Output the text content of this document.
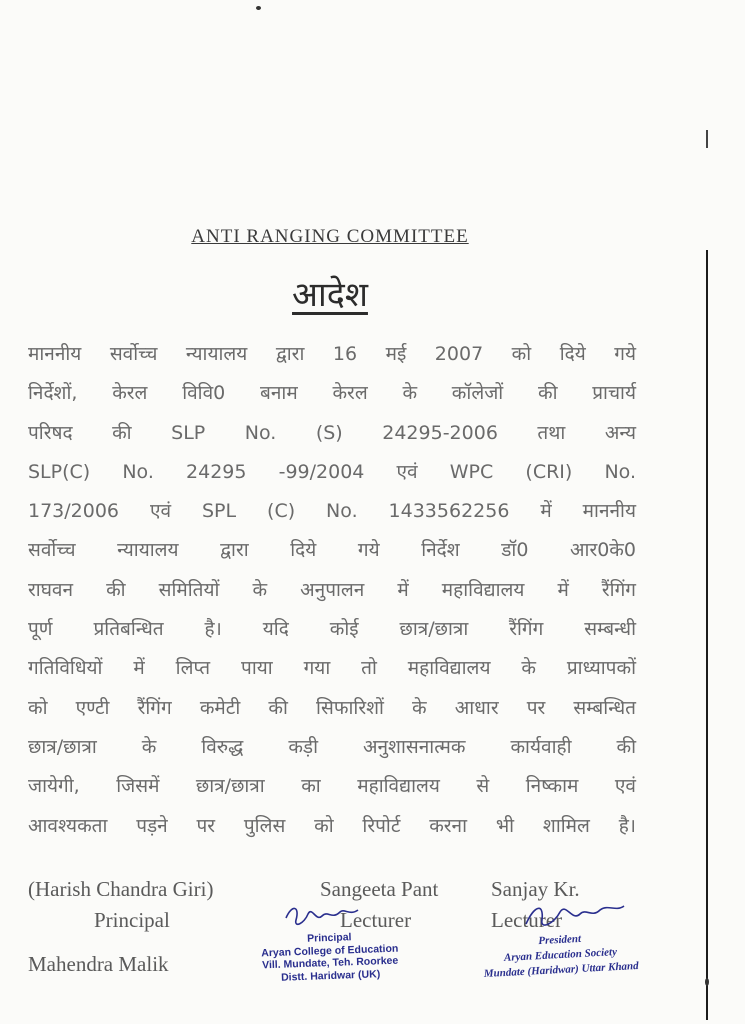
ANTI RANGING COMMITTEE
आदेश
माननीय सर्वोच्च न्यायालय द्वारा 16 मई 2007 को दिये गये
निर्देशों, केरल विवि0 बनाम केरल के कॉलेजों की प्राचार्य
परिषद की SLP No. (S) 24295-2006 तथा अन्य
SLP(C) No. 24295 -99/2004 एवं WPC (CRI) No.
173/2006 एवं SPL (C) No. 1433562256 में माननीय
सर्वोच्च न्यायालय द्वारा दिये गये निर्देश डॉ0 आर0के0
राघवन की समितियों के अनुपालन में महाविद्यालय में रैंगिंग
पूर्ण प्रतिबन्धित है। यदि कोई छात्र/छात्रा रैंगिंग सम्बन्धी
गतिविधियों में लिप्त पाया गया तो महाविद्यालय के प्राध्यापकों
को एण्टी रैंगिंग कमेटी की सिफारिशों के आधार पर सम्बन्धित
छात्र/छात्रा के विरुद्ध कड़ी अनुशासनात्मक कार्यवाही की
जायेगी, जिसमें छात्र/छात्रा का महाविद्यालय से निष्काम एवं
आवश्यकता पड़ने पर पुलिस को रिपोर्ट करना भी शामिल है।
(Harish Chandra Giri)
Principal
Sangeeta Pant
Lecturer
Sanjay Kr.
Lecturer
Mahendra Malik
Principal
Aryan College of Education
Vill. Mundate, Teh. Roorkee
Distt. Haridwar (UK)
President
Aryan Education Society
Mundate (Haridwar) Uttar Khand
